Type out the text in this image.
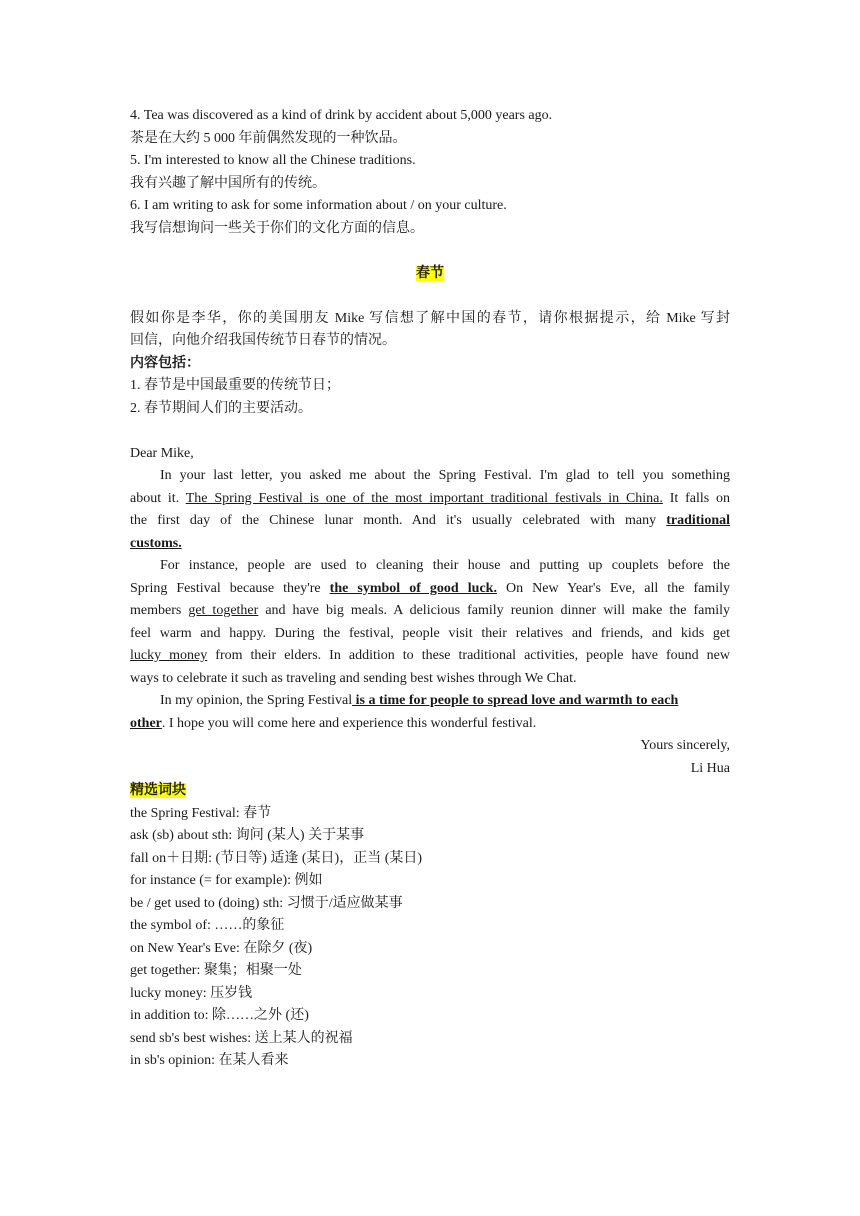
4. Tea was discovered as a kind of drink by accident about 5,000 years ago.
茶是在大约 5 000 年前偶然发现的一种饮品。
5. I'm interested to know all the Chinese traditions.
我有兴趣了解中国所有的传统。
6. I am writing to ask for some information about / on your culture.
我写信想询问一些关于你们的文化方面的信息。
春节
假如你是李华，你的美国朋友 Mike 写信想了解中国的春节，请你根据提示，给 Mike 写封
回信，向他介绍我国传统节日春节的情况。
内容包括：
1. 春节是中国最重要的传统节日；
2. 春节期间人们的主要活动。
Dear Mike,
In your last letter, you asked me about the Spring Festival. I'm glad to tell you something
about it. The Spring Festival is one of the most important traditional festivals in China. It falls on
the first day of the Chinese lunar month. And it's usually celebrated with many traditional
customs.
For instance, people are used to cleaning their house and putting up couplets before the
Spring Festival because they're the symbol of good luck. On New Year's Eve, all the family
members get together and have big meals. A delicious family reunion dinner will make the family
feel warm and happy. During the festival, people visit their relatives and friends, and kids get
lucky money from their elders. In addition to these traditional activities, people have found new
ways to celebrate it such as traveling and sending best wishes through We Chat.
In my opinion, the Spring Festival is a time for people to spread love and warmth to each
other. I hope you will come here and experience this wonderful festival.
Yours sincerely,
Li Hua
精选词块
the Spring Festival: 春节
ask (sb) about sth: 询问 (某人) 关于某事
fall on＋日期: (节日等) 适逢 (某日)，正当 (某日)
for instance (= for example): 例如
be / get used to (doing) sth: 习惯于/适应做某事
the symbol of: ……的象征
on New Year's Eve: 在除夕 (夜)
get together: 聚集；相聚一处
lucky money: 压岁钱
in addition to: 除……之外 (还)
send sb's best wishes: 送上某人的祝福
in sb's opinion: 在某人看来
